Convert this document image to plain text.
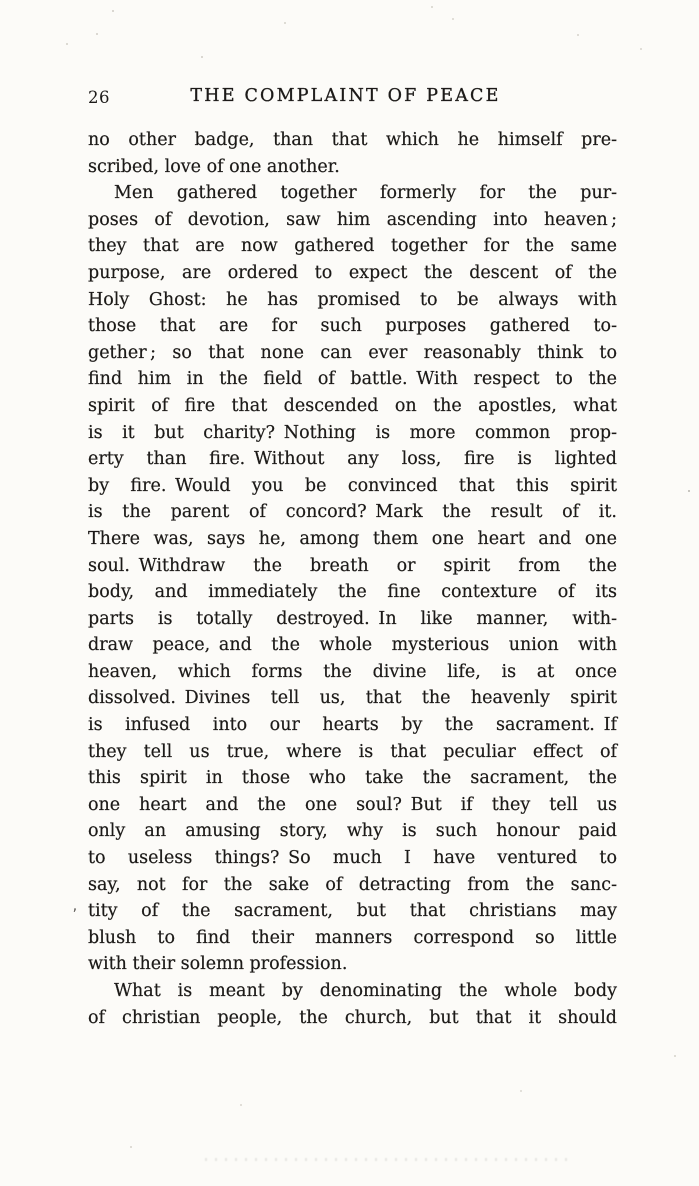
26	THE COMPLAINT OF PEACE
no other badge, than that which he himself pre-
scribed, love of one another.
Men gathered together formerly for the pur-
poses of devotion, saw him ascending into heaven ;
they that are now gathered together for the same
purpose, are ordered to expect the descent of the
Holy Ghost: he has promised to be always with
those that are for such purposes gathered to-
gether ; so that none can ever reasonably think to
find him in the field of battle. With respect to the
spirit of fire that descended on the apostles, what
is it but charity? Nothing is more common prop-
erty than fire. Without any loss, fire is lighted
by fire. Would you be convinced that this spirit
is the parent of concord? Mark the result of it.
There was, says he, among them one heart and one
soul. Withdraw the breath or spirit from the
body, and immediately the fine contexture of its
parts is totally destroyed. In like manner, with-
draw peace, and the whole mysterious union with
heaven, which forms the divine life, is at once
dissolved. Divines tell us, that the heavenly spirit
is infused into our hearts by the sacrament. If
they tell us true, where is that peculiar effect of
this spirit in those who take the sacrament, the
one heart and the one soul? But if they tell us
only an amusing story, why is such honour paid
to useless things? So much I have ventured to
say, not for the sake of detracting from the sanc-
tity of the sacrament, but that christians may
blush to find their manners correspond so little
with their solemn profession.
What is meant by denominating the whole body
of christian people, the church, but that it should
,
